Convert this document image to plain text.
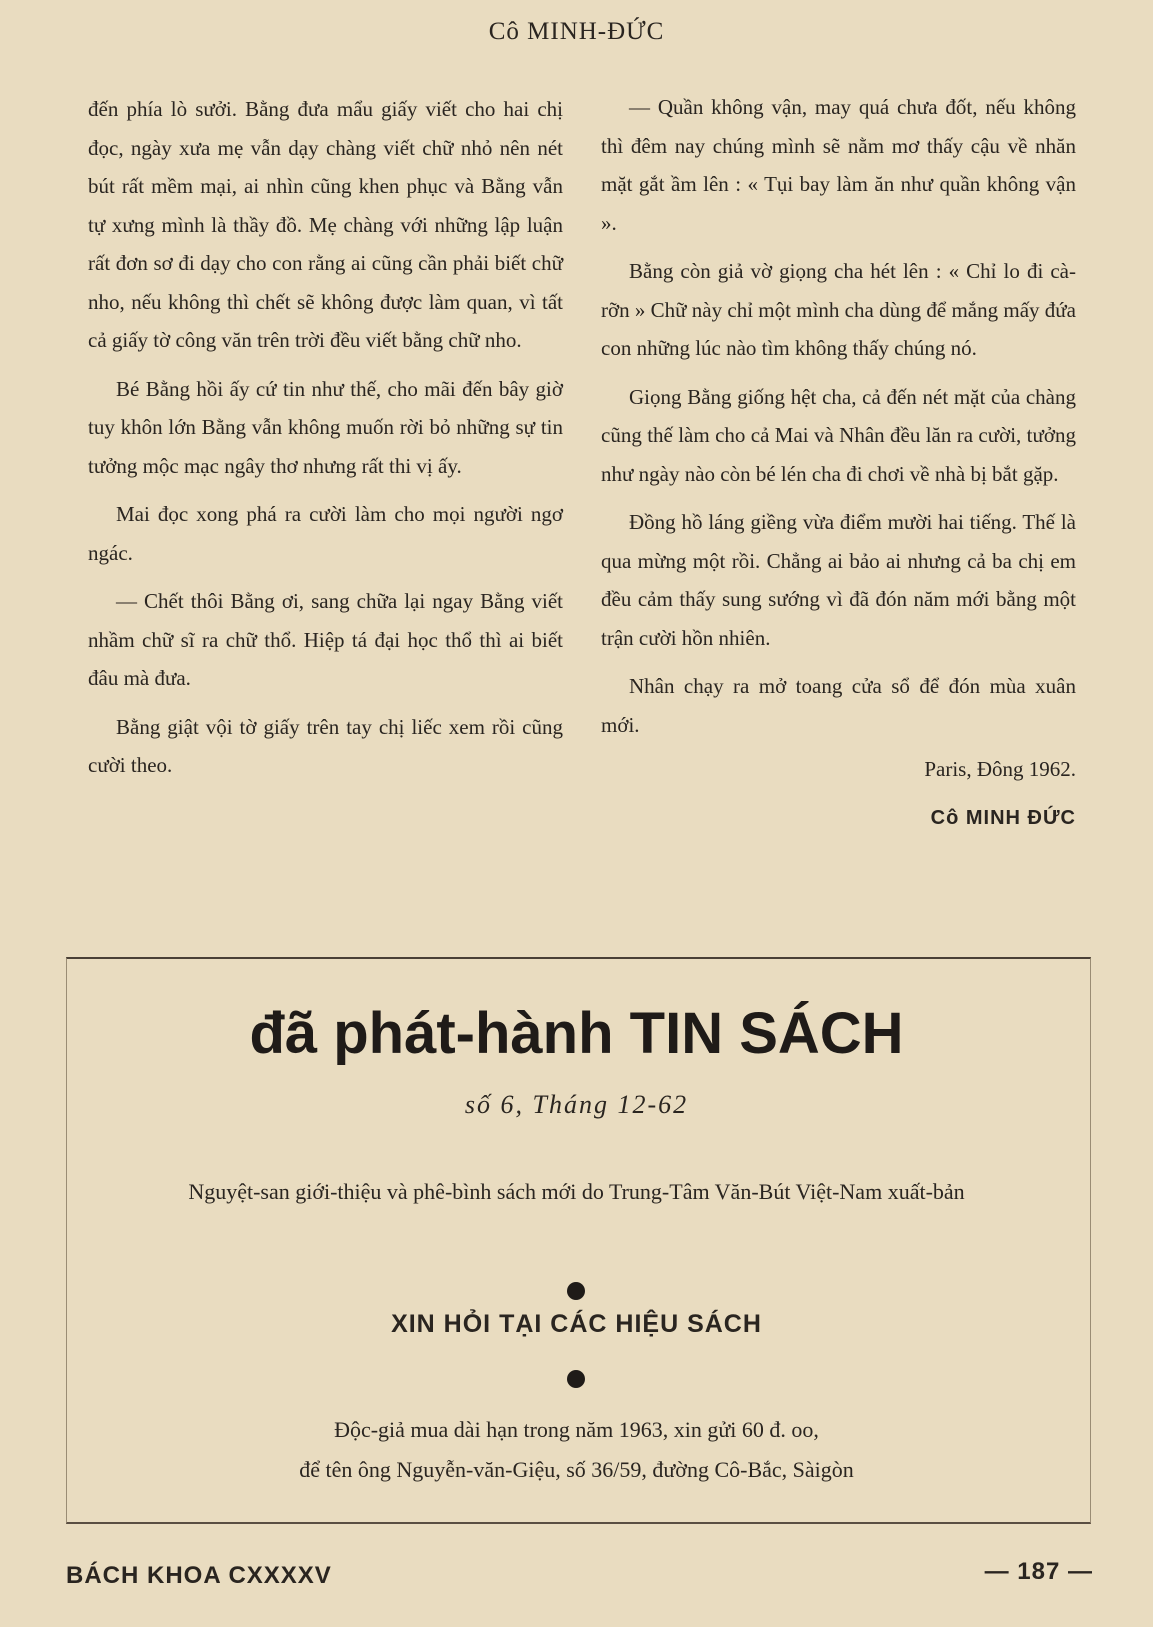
Cô MINH-ĐỨC

đến phía lò sưởi. Bằng đưa mẩu giấy viết cho hai chị đọc, ngày xưa mẹ vẫn dạy chàng viết chữ nhỏ nên nét bút rất mềm mại, ai nhìn cũng khen phục và Bằng vẫn tự xưng mình là thầy đồ. Mẹ chàng với những lập luận rất đơn sơ đi dạy cho con rằng ai cũng cần phải biết chữ nho, nếu không thì chết sẽ không được làm quan, vì tất cả giấy tờ công văn trên trời đều viết bằng chữ nho.

Bé Bằng hồi ấy cứ tin như thế, cho mãi đến bây giờ tuy khôn lớn Bằng vẫn không muốn rời bỏ những sự tin tưởng mộc mạc ngây thơ nhưng rất thi vị ấy.

Mai đọc xong phá ra cười làm cho mọi người ngơ ngác.

— Chết thôi Bằng ơi, sang chữa lại ngay Bằng viết nhầm chữ sĩ ra chữ thổ. Hiệp tá đại học thổ thì ai biết đâu mà đưa.

Bằng giật vội tờ giấy trên tay chị liếc xem rồi cũng cười theo.

— Quần không vận, may quá chưa đốt, nếu không thì đêm nay chúng mình sẽ nằm mơ thấy cậu về nhăn mặt gắt ầm lên : « Tụi bay làm ăn như quần không vận ».

Bằng còn giả vờ giọng cha hét lên : « Chỉ lo đi cà-rỡn » Chữ này chỉ một mình cha dùng để mắng mấy đứa con những lúc nào tìm không thấy chúng nó.

Giọng Bằng giống hệt cha, cả đến nét mặt của chàng cũng thế làm cho cả Mai và Nhân đều lăn ra cười, tưởng như ngày nào còn bé lén cha đi chơi về nhà bị bắt gặp.

Đồng hồ láng giềng vừa điểm mười hai tiếng. Thế là qua mừng một rồi. Chẳng ai bảo ai nhưng cả ba chị em đều cảm thấy sung sướng vì đã đón năm mới bằng một trận cười hồn nhiên.

Nhân chạy ra mở toang cửa sổ để đón mùa xuân mới.

Paris, Đông 1962.

Cô MINH ĐỨC

đã phát-hành TIN SÁCH
số 6, Tháng 12-62
Nguyệt-san giới-thiệu và phê-bình sách mới do Trung-Tâm Văn-Bút Việt-Nam xuất-bản
XIN HỎI TẠI CÁC HIỆU SÁCH
Độc-giả mua dài hạn trong năm 1963, xin gửi 60 đ. oo,
để tên ông Nguyễn-văn-Giệu, số 36/59, đường Cô-Bắc, Sàigòn
BÁCH KHOA CXXXXV	— 187 —
